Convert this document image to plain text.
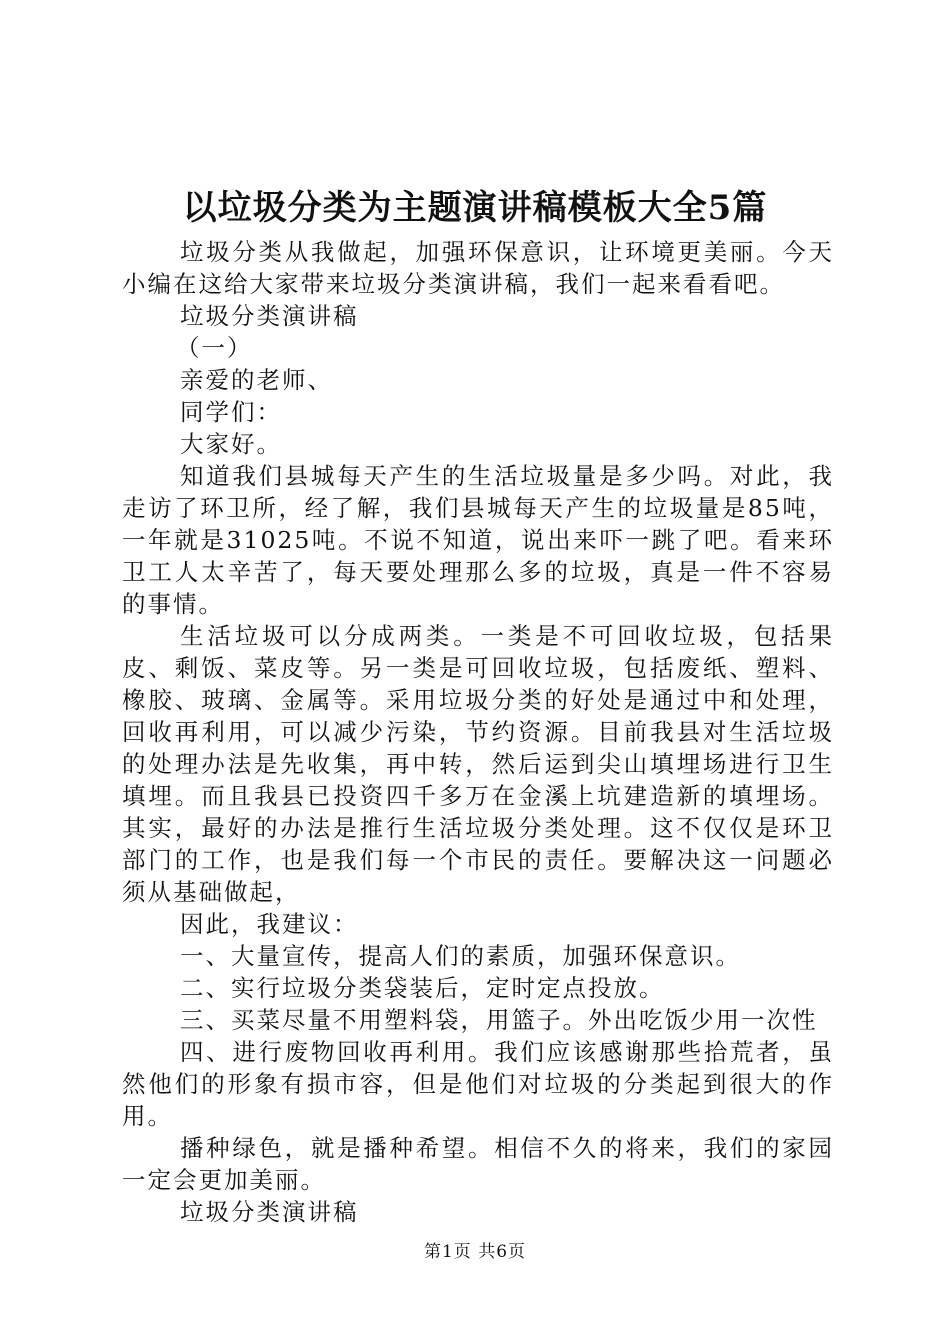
以垃圾分类为主题演讲稿模板大全5篇

垃圾分类从我做起，加强环保意识，让环境更美丽。今天小编在这给大家带来垃圾分类演讲稿，我们一起来看看吧。

垃圾分类演讲稿

（一）

亲爱的老师、

同学们：

大家好。

知道我们县城每天产生的生活垃圾量是多少吗。对此，我走访了环卫所，经了解，我们县城每天产生的垃圾量是85吨，一年就是31025吨。不说不知道，说出来吓一跳了吧。看来环卫工人太辛苦了，每天要处理那么多的垃圾，真是一件不容易的事情。

生活垃圾可以分成两类。一类是不可回收垃圾，包括果皮、剩饭、菜皮等。另一类是可回收垃圾，包括废纸、塑料、橡胶、玻璃、金属等。采用垃圾分类的好处是通过中和处理，回收再利用，可以减少污染，节约资源。目前我县对生活垃圾的处理办法是先收集，再中转，然后运到尖山填埋场进行卫生填埋。而且我县已投资四千多万在金溪上坑建造新的填埋场。其实，最好的办法是推行生活垃圾分类处理。这不仅仅是环卫部门的工作，也是我们每一个市民的责任。要解决这一问题必须从基础做起，

因此，我建议：

一、大量宣传，提高人们的素质，加强环保意识。

二、实行垃圾分类袋装后，定时定点投放。

三、买菜尽量不用塑料袋，用篮子。外出吃饭少用一次性

四、进行废物回收再利用。我们应该感谢那些拾荒者，虽然他们的形象有损市容，但是他们对垃圾的分类起到很大的作用。

播种绿色，就是播种希望。相信不久的将来，我们的家园一定会更加美丽。

垃圾分类演讲稿

第1页 共6页
